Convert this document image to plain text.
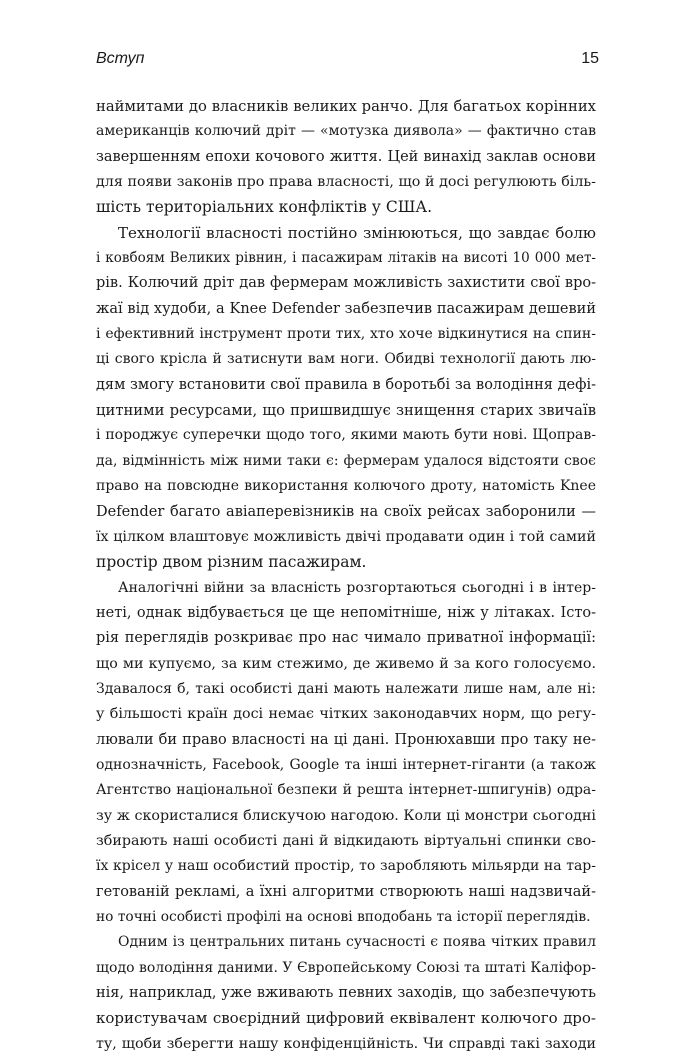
Вступ	15
наймитами до власників великих ранчо. Для багатьох корінних
американців колючий дріт — «мотузка диявола» — фактично став
завершенням епохи кочового життя. Цей винахід заклав основи
для появи законів про права власності, що й досі регулюють біль-
шість територіальних конфліктів у США.
Технології власності постійно змінюються, що завдає болю
і ковбоям Великих рівнин, і пасажирам літаків на висоті 10 000 мет-
рів. Колючий дріт дав фермерам можливість захистити свої вро-
жаї від худоби, а Knee Defender забезпечив пасажирам дешевий
і ефективний інструмент проти тих, хто хоче відкинутися на спин-
ці свого крісла й затиснути вам ноги. Обидві технології дають лю-
дям змогу встановити свої правила в боротьбі за володіння дефі-
цитними ресурсами, що пришвидшує знищення старих звичаїв
і породжує суперечки щодо того, якими мають бути нові. Щоправ-
да, відмінність між ними таки є: фермерам удалося відстояти своє
право на повсюдне використання колючого дроту, натомість Knee
Defender багато авіаперевізників на своїх рейсах заборонили —
їх цілком влаштовує можливість двічі продавати один і той самий
простір двом різним пасажирам.
Аналогічні війни за власність розгортаються сьогодні і в інтер-
неті, однак відбувається це ще непомітніше, ніж у літаках. Істо-
рія переглядів розкриває про нас чимало приватної інформації:
що ми купуємо, за ким стежимо, де живемо й за кого голосуємо.
Здавалося б, такі особисті дані мають належати лише нам, але ні:
у більшості країн досі немає чітких законодавчих норм, що регу-
лювали би право власності на ці дані. Пронюхавши про таку не-
однозначність, Facebook, Google та інші інтернет-гіганти (а також
Агентство національної безпеки й решта інтернет-шпигунів) одра-
зу ж скористалися блискучою нагодою. Коли ці монстри сьогодні
збирають наші особисті дані й відкидають віртуальні спинки сво-
їх крісел у наш особистий простір, то заробляють мільярди на тар-
гетованій рекламі, а їхні алгоритми створюють наші надзвичай-
но точні особисті профілі на основі вподобань та історії переглядів.
Одним із центральних питань сучасності є поява чітких правил
щодо володіння даними. У Європейському Союзі та штаті Каліфор-
нія, наприклад, уже вживають певних заходів, що забезпечують
користувачам своєрідний цифровий еквівалент колючого дро-
ту, щоби зберегти нашу конфіденційність. Чи справді такі заходи
